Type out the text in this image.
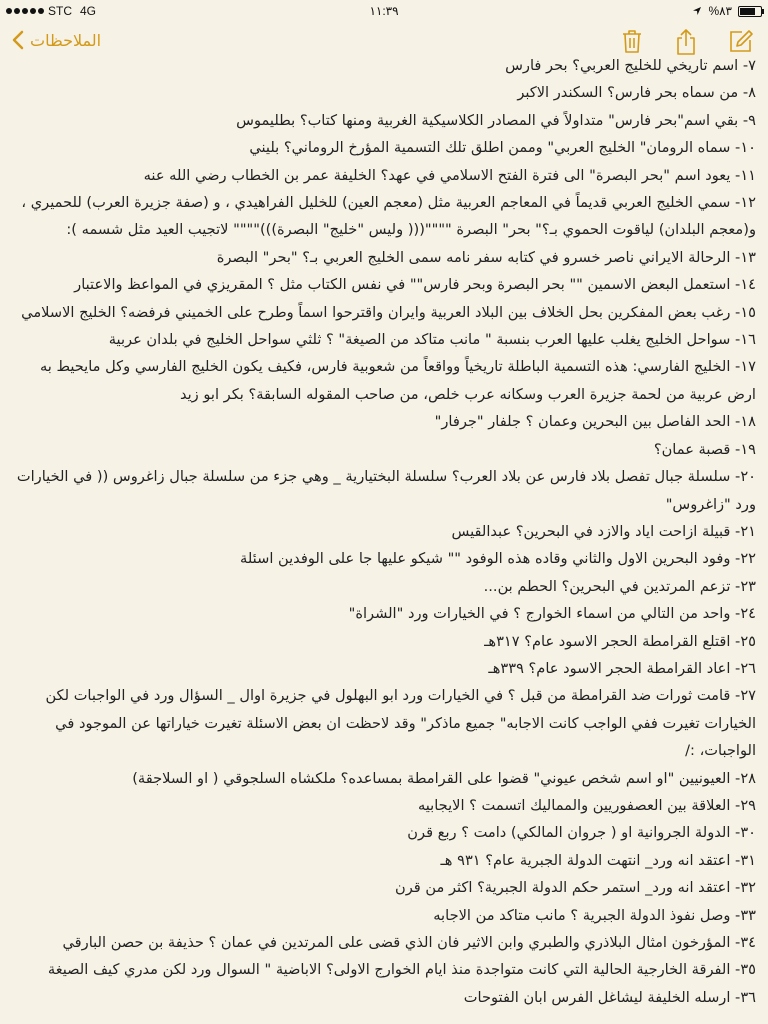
STC 4G	١١:٣٩	%٨٣
الملاحظات
٧- اسم تاريخي للخليج العربي؟ بحر فارس
٨- من سماه بحر فارس؟ السكندر الاكبر
٩- بقي اسم"بحر فارس" متداولاً في المصادر الكلاسيكية الغربية ومنها كتاب؟ بطليموس
١٠- سماه الرومان" الخليج العربي" وممن اطلق تلك التسمية المؤرخ الروماني؟ بليني
١١- يعود اسم "بحر البصرة" الى فترة الفتح الاسلامي في عهد؟ الخليفة عمر بن الخطاب رضي الله عنه
١٢- سمي الخليج العربي قديماً في المعاجم العربية مثل (معجم العين) للخليل الفراهيدي ، و (صفة جزيرة العرب) للحميري ،
و(معجم البلدان) لياقوت الحموي بـ؟" بحر" البصرة """"((( وليس "خليج" البصرة)))"""" لاتجيب العيد مثل شسمه ):
١٣- الرحالة الايراني ناصر خسرو في كتابه سفر نامه سمى الخليج العربي بـ؟ "بحر" البصرة
١٤- استعمل البعض الاسمين "" بحر البصرة وبحر فارس"" في نفس الكتاب مثل ؟ المقريزي في المواعظ والاعتبار
١٥- رغب بعض المفكرين بحل الخلاف بين البلاد العربية وايران واقترحوا اسماً وطرح على الخميني فرفضه؟ الخليج الاسلامي
١٦- سواحل الخليج يغلب عليها العرب بنسبة " مانب متاكد من الصيغة" ؟ ثلثي سواحل الخليج في بلدان عربية
١٧- الخليج الفارسي: هذه التسمية الباطلة تاريخياً وواقعاً من شعوبية فارس، فكيف يكون الخليج الفارسي وكل مايحيط به
ارض عربية من لحمة جزيرة العرب وسكانه عرب خلص، من صاحب المقوله السابقة؟ بكر ابو زيد
١٨- الحد الفاصل بين البحرين وعمان ؟ جلفار "جرفار"
١٩- قصبة عمان؟
٢٠- سلسلة جبال تفصل بلاد فارس عن بلاد العرب؟ سلسلة البختيارية _ وهي جزء من سلسلة جبال زاغروس (( في الخيارات
ورد "زاغروس"
٢١- قبيلة ازاحت اياد والازد في البحرين؟ عبدالقيس
٢٢- وفود البحرين الاول والثاني وقاده هذه الوفود "" شيكو عليها جا على الوفدين اسئلة
٢٣- تزعم المرتدين في البحرين؟ الحطم بن...
٢٤- واحد من التالي من اسماء الخوارج ؟ في الخيارات ورد "الشراة"
٢٥- اقتلع القرامطة الحجر الاسود عام؟ ٣١٧هـ
٢٦- اعاد القرامطة الحجر الاسود عام؟ ٣٣٩هـ
٢٧- قامت ثورات ضد القرامطة من قبل ؟ في الخيارات ورد ابو البهلول في جزيرة اوال _ السؤال ورد في الواجبات لكن
الخيارات تغيرت ففي الواجب كانت الاجابه" جميع ماذكر" وقد لاحظت ان بعض الاسئلة تغيرت خياراتها عن الموجود في
الواجبات، :/
٢٨- العيونيين "او اسم شخص عيوني" قضوا على القرامطة بمساعده؟ ملكشاه السلجوقي ( او السلاجقة)
٢٩- العلاقة بين العصفوريين والمماليك اتسمت ؟ الايجابيه
٣٠- الدولة الجروانية او ( جروان المالكي) دامت ؟ ربع قرن
٣١- اعتقد انه ورد_ انتهت الدولة الجبرية عام؟ ٩٣١ هـ
٣٢- اعتقد انه ورد_ استمر حكم الدولة الجبرية؟ اكثر من قرن
٣٣- وصل نفوذ الدولة الجبرية ؟ مانب متاكد من الاجابه
٣٤- المؤرخون امثال البلاذري والطبري وابن الاثير فان الذي قضى على المرتدين في عمان ؟ حذيفة بن حصن البارقي
٣٥- الفرقة الخارجية الحالية التي كانت متواجدة منذ ايام الخوارج الاولى؟ الاباضية " السوال ورد لكن مدري كيف الصيغة
٣٦- ارسله الخليفة ليشاغل الفرس ابان الفتوحات
